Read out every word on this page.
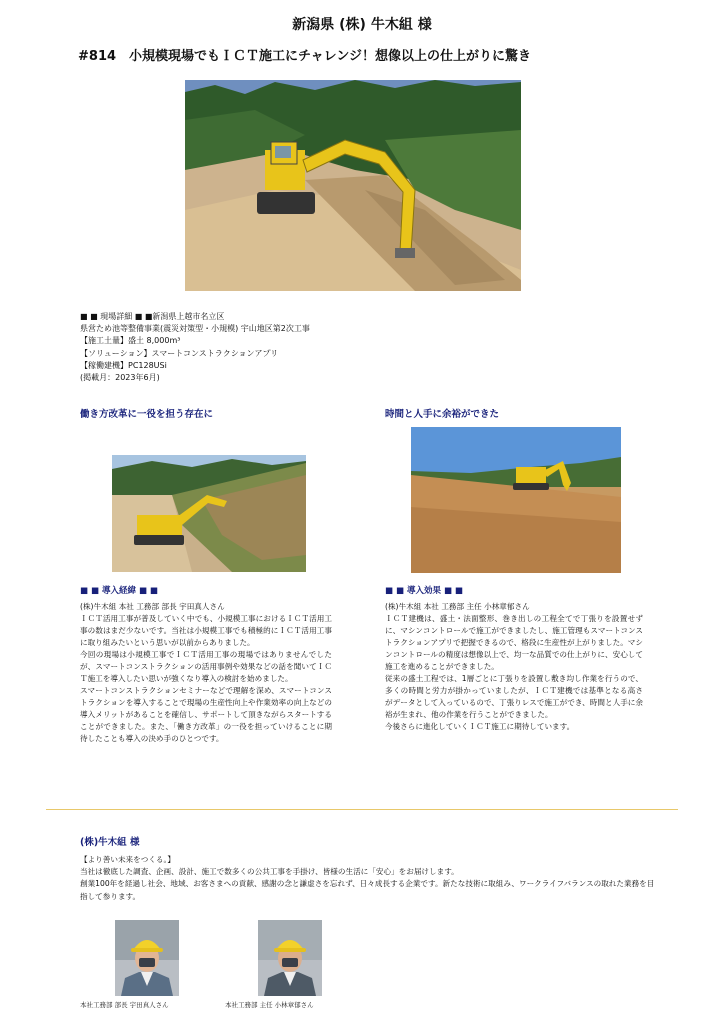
新潟県 (株) 牛木組 様
#814　小規模現場でもＩＣＴ施工にチャレンジ！想像以上の仕上がりに驚き
■ ■ 現場詳細 ■ ■新潟県上越市名立区
県営ため池等整備事業(震災対策型・小規模) 宇山地区第2次工事
【施工土量】盛土 8,000m³
【ソリューション】スマートコンストラクションアプリ
【稼働建機】PC128USi
(掲載月：2023年6月)
働き方改革に一役を担う存在に
■ ■ 導入経緯 ■ ■

(株)牛木組 本社 工務部 部長 宇田真人さん

ＩＣＴ活用工事が普及していく中でも、小規模工事におけるＩＣＴ活用工事の数はまだ少ないです。当社は小規模工事でも積極的にＩＣＴ活用工事に取り組みたいという思いが以前からありました。

今回の現場は小規模工事でＩＣＴ活用工事の現場ではありませんでしたが、スマートコンストラクションの活用事例や効果などの話を聞いてＩＣＴ施工を導入したい思いが強くなり導入の検討を始めました。

スマートコンストラクションセミナーなどで理解を深め、スマートコンストラクションを導入することで現場の生産性向上や作業効率の向上などの導入メリットがあることを確信し、サポートして頂きながらスタートすることができました。また、「働き方改革」の一役を担っていけることに期待したことも導入の決め手のひとつです。

時間と人手に余裕ができた
■ ■ 導入効果 ■ ■

(株)牛木組 本社 工務部 主任 小林章郁さん

ＩＣＴ建機は、盛土・法面整形、巻き出しの工程全てで丁張りを設置せずに、マシンコントロールで施工ができましたし、施工管理もスマートコンストラクションアプリで把握できるので、格段に生産性が上がりました。マシンコントロールの精度は想像以上で、均一な品質での仕上がりに、安心して施工を進めることができました。

従来の盛土工程では、1層ごとに丁張りを設置し敷き均し作業を行うので、多くの時間と労力が掛かっていましたが、ＩＣＴ建機では基準となる高さがデータとして入っているので、丁張りレスで施工ができ、時間と人手に余裕が生まれ、他の作業を行うことができました。

今後さらに進化していくＩＣＴ施工に期待しています。

(株)牛木組 様

【より善い未来をつくる。】

当社は徹底した調査、企画、設計、施工で数多くの公共工事を手掛け、皆様の生活に「安心」をお届けします。

創業100年を経過し社会、地域、お客さまへの貢献、感謝の念と謙虚さを忘れず、日々成長する企業です。新たな技術に取組み、ワークライフバランスの取れた業務を目指して参ります。

本社工務部 部長 宇田真人さん	本社工務部 主任 小林章郁さん
